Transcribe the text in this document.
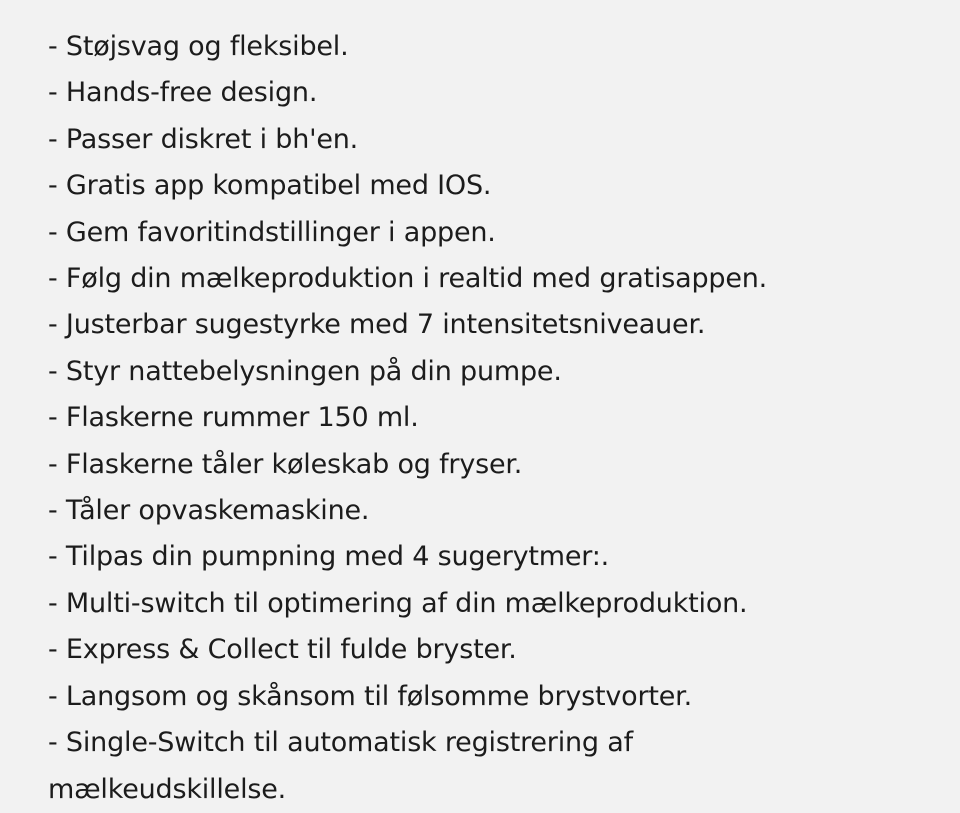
- Støjsvag og fleksibel.

- Hands-free design.

- Passer diskret i bh'en.

- Gratis app kompatibel med IOS.

- Gem favoritindstillinger i appen.

- Følg din mælkeproduktion i realtid med gratisappen.

- Justerbar sugestyrke med 7 intensitetsniveauer.

- Styr nattebelysningen på din pumpe.

- Flaskerne rummer 150 ml.

- Flaskerne tåler køleskab og fryser.

- Tåler opvaskemaskine.

- Tilpas din pumpning med 4 sugerytmer:.

- Multi-switch til optimering af din mælkeproduktion.

- Express & Collect til fulde bryster.

- Langsom og skånsom til følsomme brystvorter.

- Single-Switch til automatisk registrering af

mælkeudskillelse.
